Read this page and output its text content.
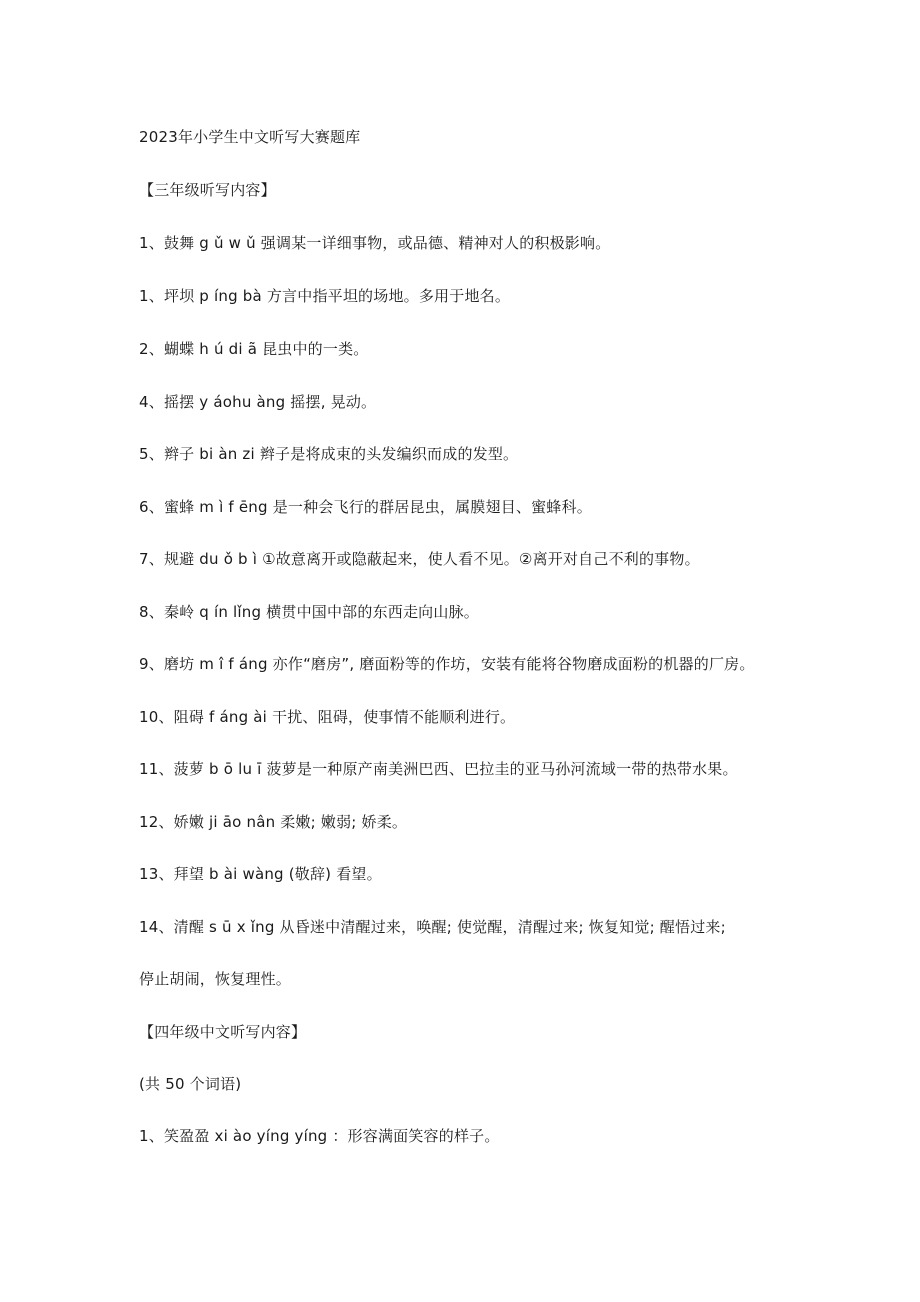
2023年小学生中文听写大赛题库
【三年级听写内容】
1、鼓舞 g ǔ w ǔ 强调某一详细事物，或品德、精神对人的积极影响。
1、坪坝 p íng bà 方言中指平坦的场地。多用于地名。
2、蝴蝶 h ú di ã 昆虫中的一类。
4、摇摆 y áohu àng 摇摆, 晃动。
5、辫子 bi àn zi 辫子是将成束的头发编织而成的发型。
6、蜜蜂 m ì f ēng 是一种会飞行的群居昆虫，属膜翅目、蜜蜂科。
7、规避 du ǒ b ì ①故意离开或隐蔽起来，使人看不见。②离开对自己不利的事物。
8、秦岭 q ín lǐng 横贯中国中部的东西走向山脉。
9、磨坊 m î f áng 亦作“磨房”, 磨面粉等的作坊，安装有能将谷物磨成面粉的机器的厂房。
10、阻碍 f áng ài 干扰、阻碍，使事情不能顺利进行。
11、菠萝 b ō lu ī 菠萝是一种原产南美洲巴西、巴拉圭的亚马孙河流域一带的热带水果。
12、娇嫩 ji āo nân 柔嫩; 嫩弱; 娇柔。
13、拜望 b ài wàng (敬辞) 看望。
14、清醒 s ū x ǐng 从昏迷中清醒过来，唤醒; 使觉醒，清醒过来; 恢复知觉; 醒悟过来;
停止胡闹，恢复理性。
【四年级中文听写内容】
(共 50 个词语)
1、笑盈盈 xi ào yíng yíng ：形容满面笑容的样子。
